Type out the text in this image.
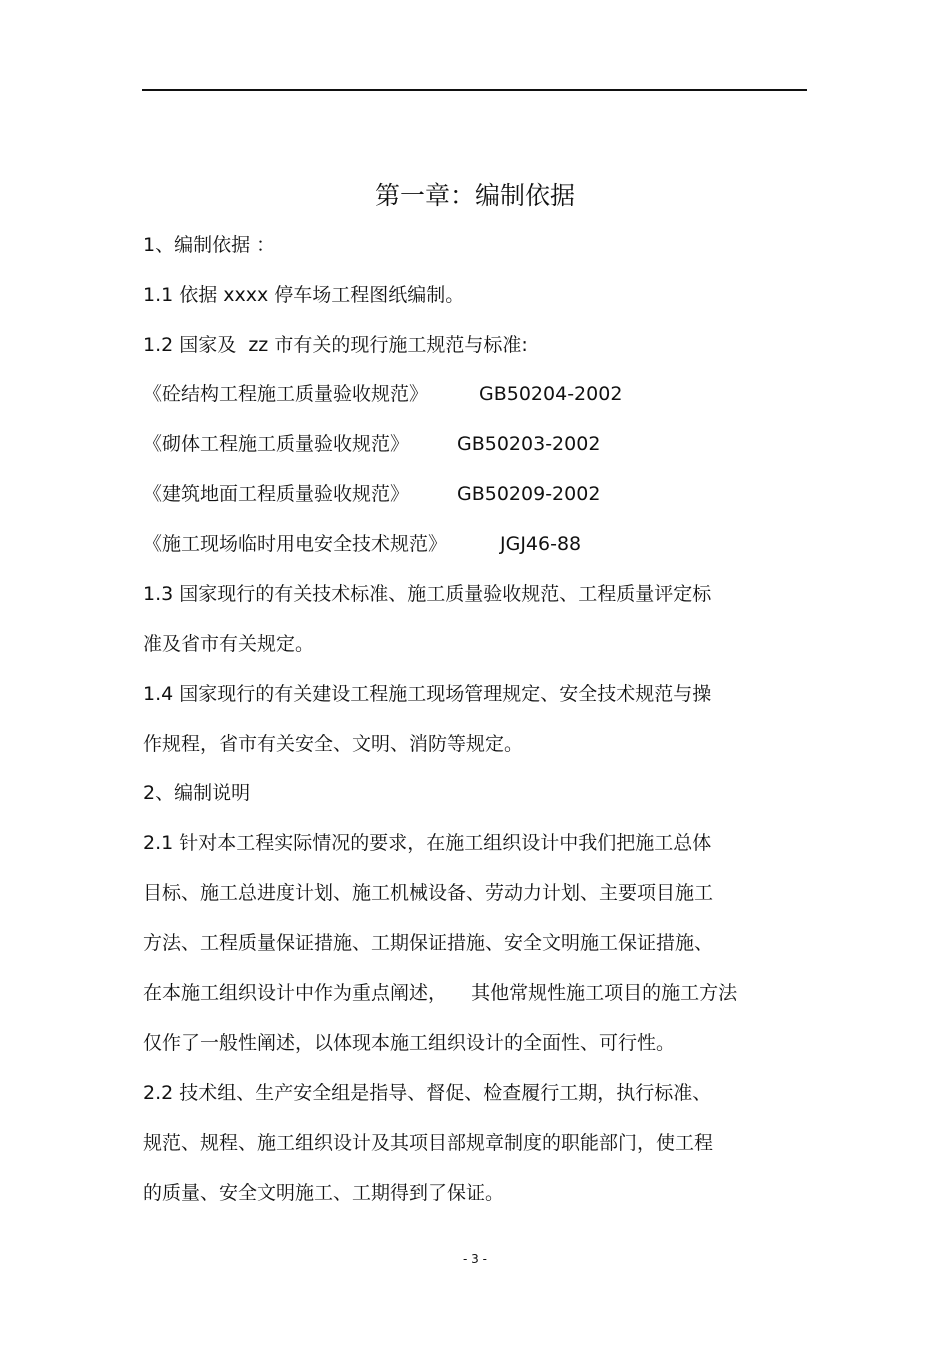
第一章：编制依据
1、编制依据 ：
1.1 依据 xxxx 停车场工程图纸编制。
1.2 国家及  zz 市有关的现行施工规范与标准:
《砼结构工程施工质量验收规范》	GB50204-2002
《砌体工程施工质量验收规范》	GB50203-2002
《建筑地面工程质量验收规范》	GB50209-2002
《施工现场临时用电安全技术规范》	JGJ46-88
1.3 国家现行的有关技术标准、施工质量验收规范、工程质量评定标
准及省市有关规定。
1.4 国家现行的有关建设工程施工现场管理规定、安全技术规范与操
作规程，省市有关安全、文明、消防等规定。
2、编制说明
2.1 针对本工程实际情况的要求，在施工组织设计中我们把施工总体
目标、施工总进度计划、施工机械设备、劳动力计划、主要项目施工
方法、工程质量保证措施、工期保证措施、安全文明施工保证措施、
在本施工组织设计中作为重点阐述，    其他常规性施工项目的施工方法
仅作了一般性阐述，以体现本施工组织设计的全面性、可行性。
2.2 技术组、生产安全组是指导、督促、检查履行工期，执行标准、
规范、规程、施工组织设计及其项目部规章制度的职能部门，使工程
的质量、安全文明施工、工期得到了保证。
- 3 -
